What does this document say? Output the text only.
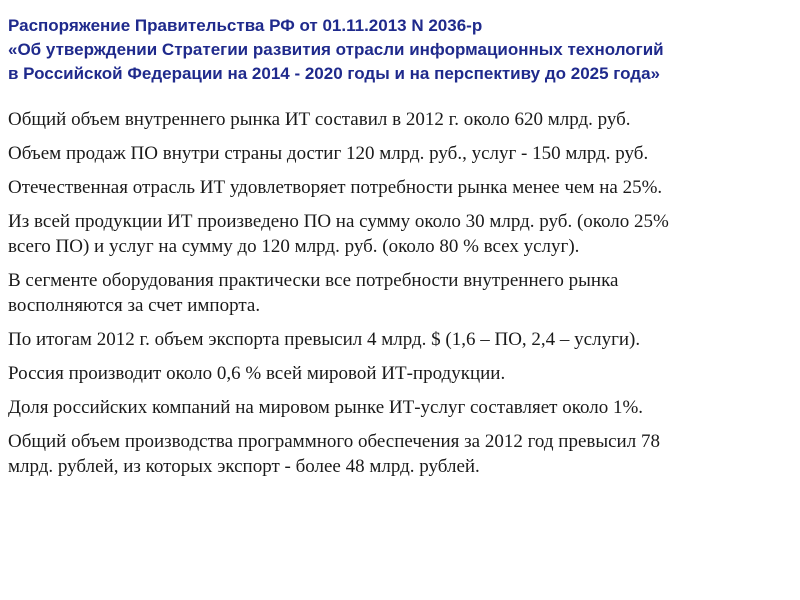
Распоряжение Правительства РФ от 01.11.2013 N 2036-р
«Об утверждении Стратегии развития отрасли информационных технологий
в Российской Федерации на 2014 - 2020 годы и на перспективу до 2025 года»

Общий объем внутреннего рынка ИТ составил в 2012 г. около 620 млрд. руб.

Объем продаж ПО внутри страны достиг 120 млрд. руб., услуг - 150 млрд. руб.

Отечественная отрасль ИТ удовлетворяет потребности рынка менее чем на 25%.

Из всей продукции ИТ произведено ПО на сумму около 30 млрд. руб. (около 25%
всего ПО) и услуг на сумму до 120 млрд. руб. (около 80 % всех услуг).

В сегменте оборудования практически все потребности внутреннего рынка
восполняются за счет импорта.

По итогам 2012 г. объем экспорта превысил 4 млрд. $ (1,6 – ПО, 2,4 – услуги).

Россия производит около 0,6 % всей мировой ИТ-продукции.

Доля российских компаний на мировом рынке ИТ-услуг составляет около 1%.

Общий объем производства программного обеспечения за 2012 год превысил 78
млрд. рублей, из которых экспорт - более 48 млрд. рублей.
